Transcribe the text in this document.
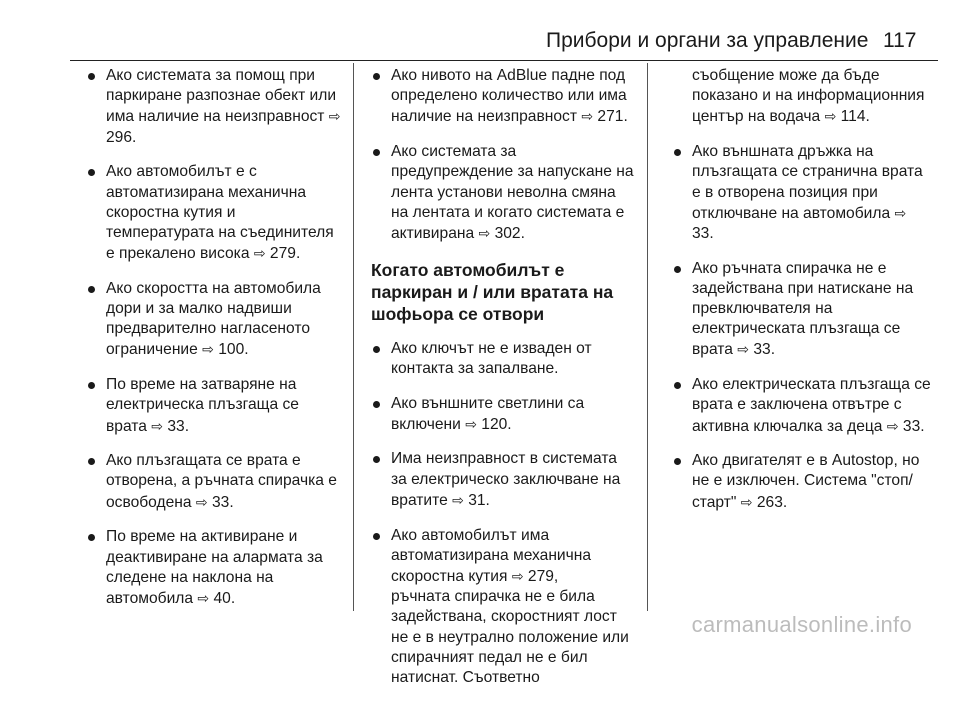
Прибори и органи за управление 117
Ако системата за помощ при паркиране разпознае обект или има наличие на неизправност ⇨ 296.
Ако автомобилът е с автоматизирана механична скоростна кутия и температурата на съединителя е прекалено висока ⇨ 279.
Ако скоростта на автомобила дори и за малко надвиши предварително нагласеното ограничение ⇨ 100.
По време на затваряне на електрическа плъзгаща се врата ⇨ 33.
Ако плъзгащата се врата е отворена, а ръчната спирачка е освободена ⇨ 33.
По време на активиране и деактивиране на алармата за следене на наклона на автомобила ⇨ 40.
Ако нивото на AdBlue падне под определено количество или има наличие на неизправност ⇨ 271.
Ако системата за предупреждение за напускане на лента установи неволна смяна на лентата и когато системата е активирана ⇨ 302.
Когато автомобилът е паркиран и / или вратата на шофьора се отвори
Ако ключът не е изваден от контакта за запалване.
Ако външните светлини са включени ⇨ 120.
Има неизправност в системата за електрическо заключване на вратите ⇨ 31.
Ако автомобилът има автоматизирана механична скоростна кутия ⇨ 279,
ръчната спирачка не е била задействана, скоростният лост не е в неутрално положение или спирачният педал не е бил натиснат. Съответно

съобщение може да бъде показано и на информационния център на водача ⇨ 114.

Ако външната дръжка на плъзгащата се странична врата е в отворена позиция при отключване на автомобила ⇨ 33.
Ако ръчната спирачка не е задействана при натискане на превключвателя на електрическата плъзгаща се врата ⇨ 33.
Ако електрическата плъзгаща се врата е заключена отвътре с активна ключалка за деца ⇨ 33.
Ако двигателят е в Autostop, но не е изключен. Система "стоп/старт" ⇨ 263.
carmanualsonline.info
